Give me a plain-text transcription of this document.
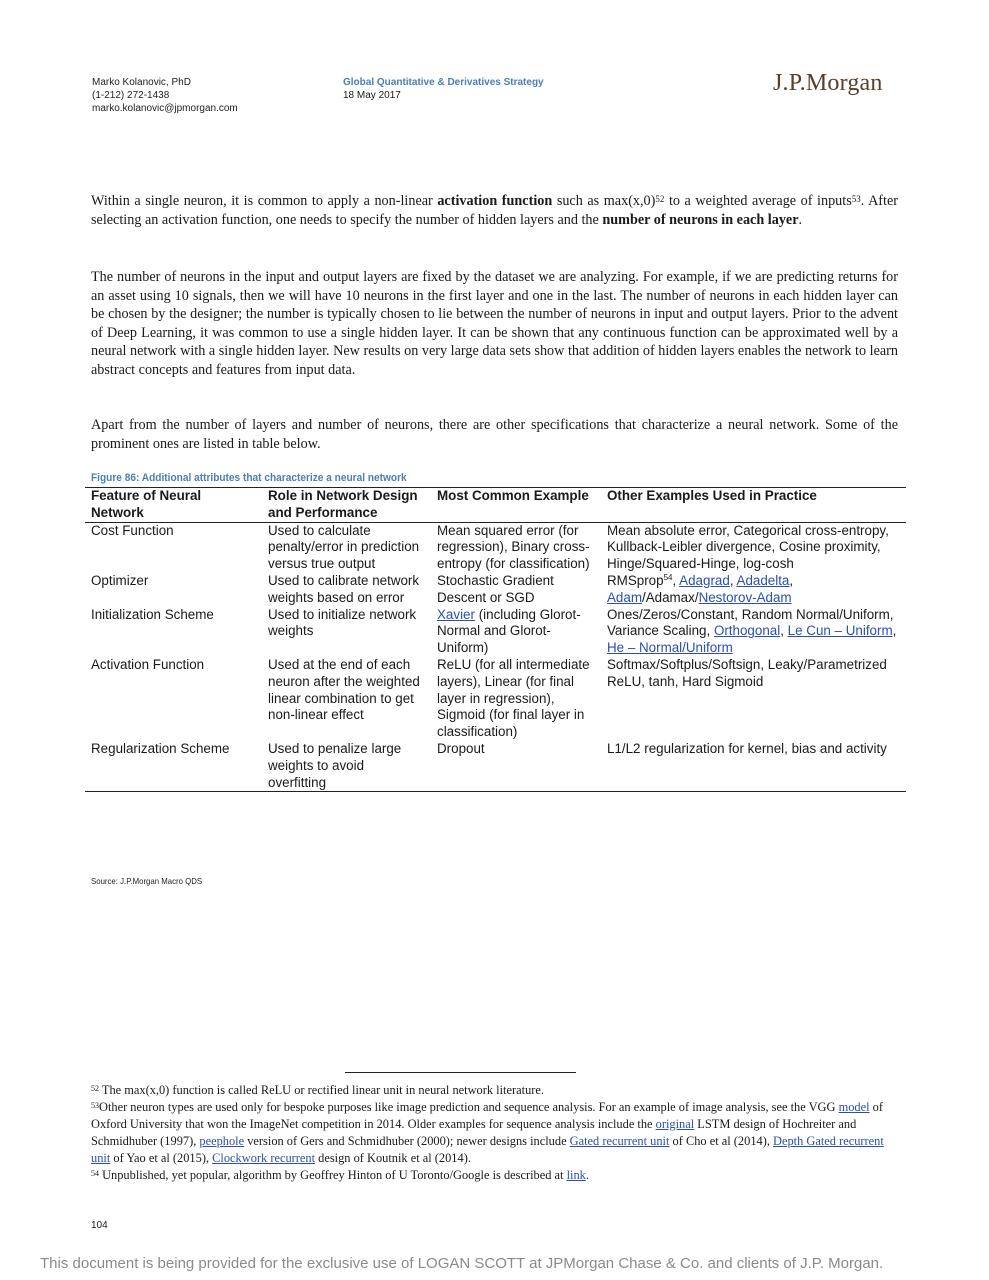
Marko Kolanovic, PhD
(1-212) 272-1438
marko.kolanovic@jpmorgan.com
Global Quantitative & Derivatives Strategy
18 May 2017	J.P.Morgan
Within a single neuron, it is common to apply a non-linear activation function such as $\max(x,0)^{52}$ to a weighted average of inputs$^{53}$. After selecting an activation function, one needs to specify the number of hidden layers and the number of neurons in each layer.
The number of neurons in the input and output layers are fixed by the dataset we are analyzing. For example, if we are predicting returns for an asset using 10 signals, then we will have 10 neurons in the first layer and one in the last. The number of neurons in each hidden layer can be chosen by the designer; the number is typically chosen to lie between the number of neurons in input and output layers. Prior to the advent of Deep Learning, it was common to use a single hidden layer. It can be shown that any continuous function can be approximated well by a neural network with a single hidden layer. New results on very large data sets show that addition of hidden layers enables the network to learn abstract concepts and features from input data.
Apart from the number of layers and number of neurons, there are other specifications that characterize a neural network. Some of the prominent ones are listed in table below.
Figure 86: Additional attributes that characterize a neural network
Feature of Neural Network	Role in Network Design and Performance	Most Common Example	Other Examples Used in Practice
Cost Function	Used to calculate penalty/error in prediction versus true output	Mean squared error (for regression), Binary cross-entropy (for classification)	Mean absolute error, Categorical cross-entropy, Kullback-Leibler divergence, Cosine proximity, Hinge/Squared-Hinge, log-cosh
Optimizer	Used to calibrate network weights based on error	Stochastic Gradient Descent or SGD	RMSprop$^{54}$, Adagrad, Adadelta, Adam/Adamax/Nestorov-Adam
Initialization Scheme	Used to initialize network weights	Xavier (including Glorot-Normal and Glorot-Uniform)	Ones/Zeros/Constant, Random Normal/Uniform, Variance Scaling, Orthogonal, Le Cun – Uniform, He – Normal/Uniform
Activation Function	Used at the end of each neuron after the weighted linear combination to get non-linear effect	ReLU (for all intermediate layers), Linear (for final layer in regression), Sigmoid (for final layer in classification)	Softmax/Softplus/Softsign, Leaky/Parametrized ReLU, tanh, Hard Sigmoid
Regularization Scheme	Used to penalize large weights to avoid overfitting	Dropout	L1/L2 regularization for kernel, bias and activity
Source: J.P.Morgan Macro QDS
$^{52}$ The max(x,0) function is called ReLU or rectified linear unit in neural network literature.
$^{53}$Other neuron types are used only for bespoke purposes like image prediction and sequence analysis. For an example of image analysis, see the VGG model of Oxford University that won the ImageNet competition in 2014. Older examples for sequence analysis include the original LSTM design of Hochreiter and Schmidhuber (1997), peephole version of Gers and Schmidhuber (2000); newer designs include Gated recurrent unit of Cho et al (2014), Depth Gated recurrent unit of Yao et al (2015), Clockwork recurrent design of Koutnik et al (2014).
$^{54}$ Unpublished, yet popular, algorithm by Geoffrey Hinton of U Toronto/Google is described at link.
104
This document is being provided for the exclusive use of LOGAN SCOTT at JPMorgan Chase & Co. and clients of J.P. Morgan.
